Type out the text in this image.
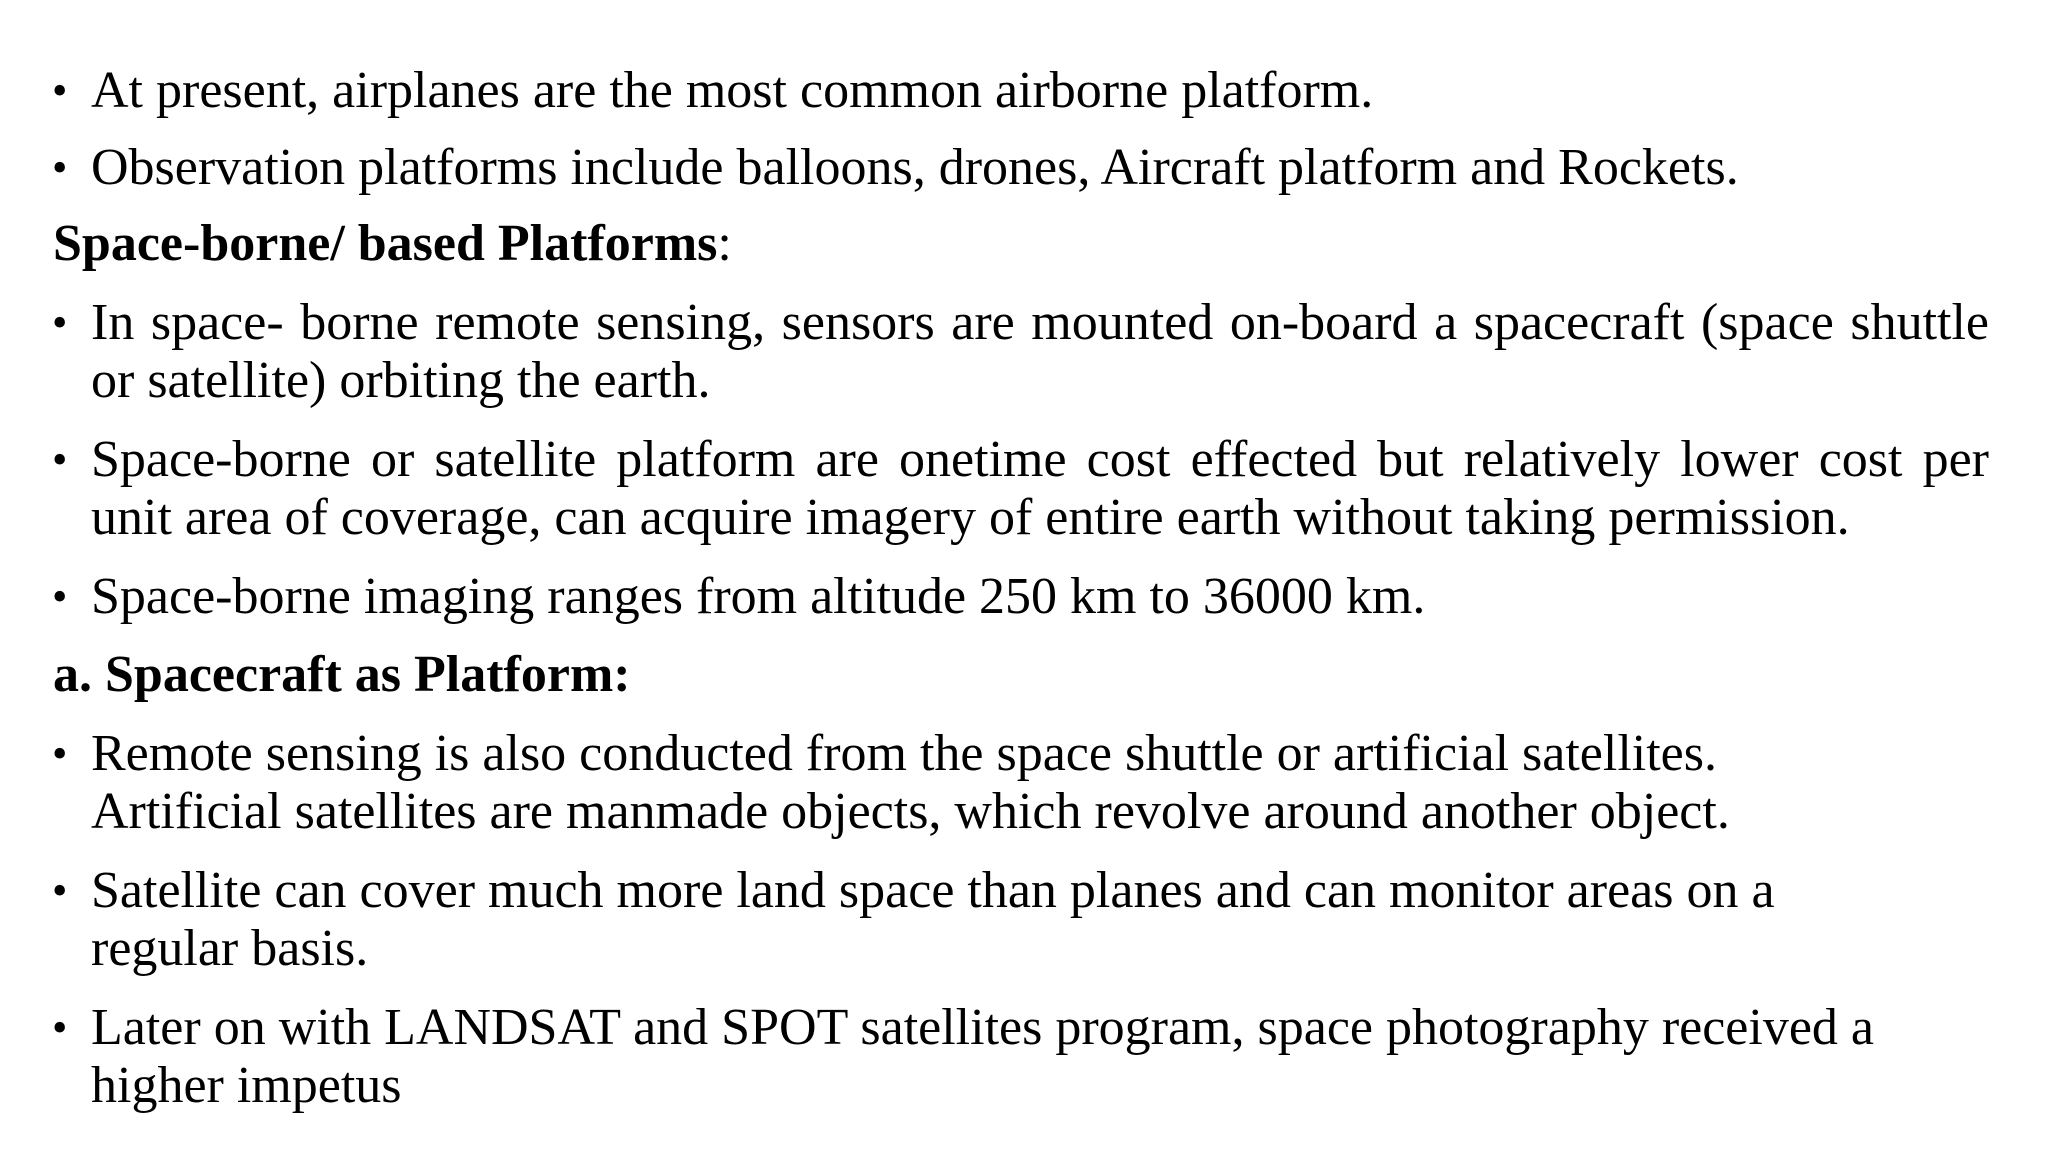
• At present, airplanes are the most common airborne platform.
• Observation platforms include balloons, drones, Aircraft platform and Rockets.
Space-borne/ based Platforms:
• In space- borne remote sensing, sensors are mounted on-board a spacecraft (space shuttle or satellite) orbiting the earth.
• Space-borne or satellite platform are onetime cost effected but relatively lower cost per unit area of coverage, can acquire imagery of entire earth without taking permission.
• Space-borne imaging ranges from altitude 250 km to 36000 km.
a. Spacecraft as Platform:
• Remote sensing is also conducted from the space shuttle or artificial satellites. Artificial satellites are manmade objects, which revolve around another object.
• Satellite can cover much more land space than planes and can monitor areas on a regular basis.
• Later on with LANDSAT and SPOT satellites program, space photography received a higher impetus
